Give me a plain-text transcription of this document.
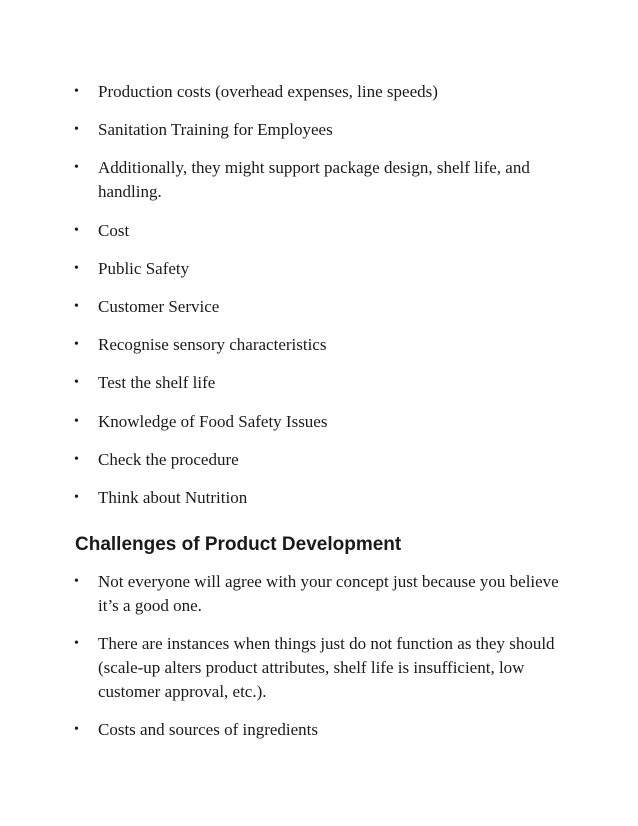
• Production costs (overhead expenses, line speeds)
• Sanitation Training for Employees
• Additionally, they might support package design, shelf life, and handling.
• Cost
• Public Safety
• Customer Service
• Recognise sensory characteristics
• Test the shelf life
• Knowledge of Food Safety Issues
• Check the procedure
• Think about Nutrition
Challenges of Product Development
• Not everyone will agree with your concept just because you believe it’s a good one.
• There are instances when things just do not function as they should (scale-up alters product attributes, shelf life is insufficient, low customer approval, etc.).
• Costs and sources of ingredients
